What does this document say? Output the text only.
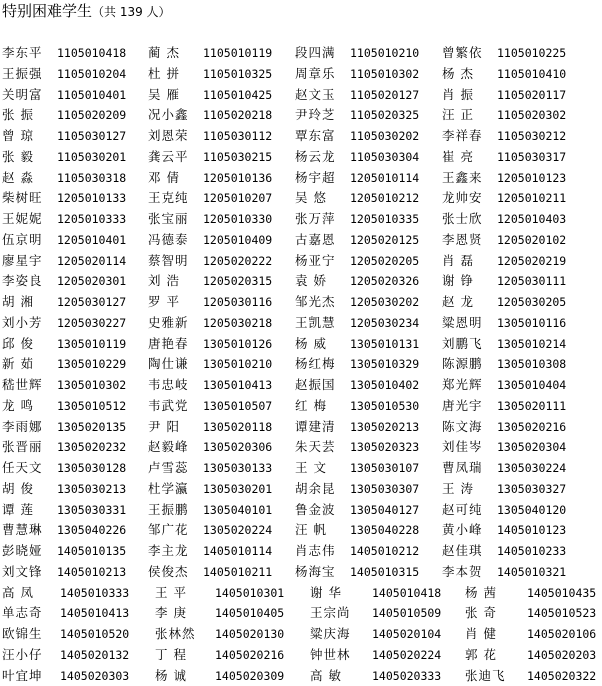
特别困难学生（共 139 人）
李东平 1105010418 蔺 杰 1105010119 段四满 1105010210 曾繁依 1105010225
王振强 1105010204 杜 拼 1105010325 周章乐 1105010302 杨 杰 1105010410
关明富 1105010401 吴 雁 1105010425 赵文玉 1105020127 肖 振 1105020117
张 振 1105020209 况小鑫 1105020218 尹玲芝 1105020325 汪 正 1105020302
曾 琼 1105030127 刘恩荣 1105030112 覃东富 1105030202 李祥春 1105030212
张 毅 1105030201 龚云平 1105030215 杨云龙 1105030304 崔 亮 1105030317
赵 淼 1105030318 邓 倩 1205010136 杨宇超 1205010114 王鑫来 1205010123
柴树旺 1205010133 王克纯 1205010207 吴 悠 1205010212 龙帅安 1205010211
王妮妮 1205010333 张宝丽 1205010330 张万萍 1205010335 张士欣 1205010403
伍京明 1205010401 冯德泰 1205010409 古嘉恩 1205020125 李恩贤 1205020102
廖星宇 1205020114 蔡智明 1205020222 杨亚宁 1205020205 肖 磊 1205020219
李姿良 1205020301 刘 浩 1205020315 袁 娇 1205020326 谢 铮 1205030111
胡 湘 1205030127 罗 平 1205030116 邹光杰 1205030202 赵 龙 1205030205
刘小芳 1205030227 史雅新 1205030218 王凯慧 1205030234 粱恩明 1305010116
邱 俊 1305010119 唐艳春 1305010126 杨 威 1305010131 刘鹏飞 1305010214
新 茹 1305010229 陶仕谦 1305010210 杨红梅 1305010329 陈源鹏 1305010308
嵇世辉 1305010302 韦忠岐 1305010413 赵振国 1305010402 郑光辉 1305010404
龙 鸣 1305010512 韦武党 1305010507 红 梅 1305010530 唐光宇 1305020111
李雨娜 1305020135 尹 阳 1305020118 谭建清 1305020213 陈文海 1305020216
张晋丽 1305020232 赵毅峰 1305020306 朱天芸 1305020323 刘佳岑 1305020304
任天文 1305030128 卢雪蕊 1305030133 王 文 1305030107 曹凤瑞 1305030224
胡 俊 1305030213 杜学瀛 1305030201 胡余昆 1305030307 王 涛 1305030327
谭 莲 1305030331 王振鹏 1305040101 鲁金波 1305040127 赵可纯 1305040120
曹慧琳 1305040226 邹广花 1305020224 汪 帆 1305040228 黄小峰 1405010123
彭晓娅 1405010135 李主龙 1405010114 肖志伟 1405010212 赵佳琪 1405010233
刘文锋 1405010213 侯俊杰 1405010211 杨海宝 1405010315 李本贺 1405010321
高 凤 1405010333 王 平 1405010301 谢 华	1405010418 杨 茜	1405010435
单志奇 1405010413 李 庚 1405010405 王宗尚 1405010509 张 奇	1405010523
欧锦生 1405010520 张林然 1405020130 粱庆海 1405020104 肖 健	1405020106
汪小仔 1405020132 丁 程 1405020216 钟世林 1405020224 郭 花	1405020203
叶宜坤 1405020303 杨 诚 1405020309 高 敏	1405020333 张迪飞 1405020322
